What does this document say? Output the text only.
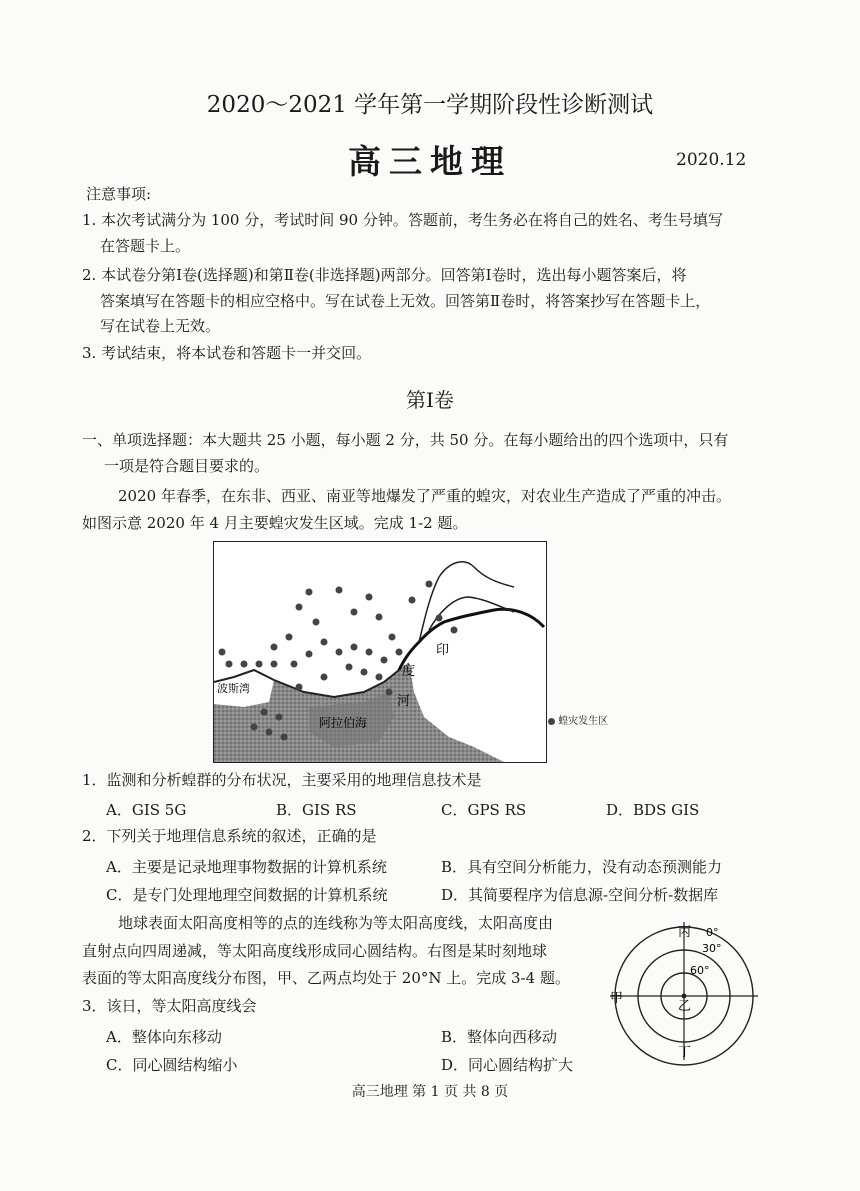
2020～2021 学年第一学期阶段性诊断测试
高三地理	2020.12
注意事项:
1. 本次考试满分为 100 分，考试时间 90 分钟。答题前，考生务必在将自己的姓名、考生号填写
在答题卡上。
2. 本试卷分第Ⅰ卷(选择题)和第Ⅱ卷(非选择题)两部分。回答第Ⅰ卷时，选出每小题答案后，将
答案填写在答题卡的相应空格中。写在试卷上无效。回答第Ⅱ卷时，将答案抄写在答题卡上，
写在试卷上无效。
3. 考试结束，将本试卷和答题卡一并交回。
第Ⅰ卷
一、单项选择题：本大题共 25 小题，每小题 2 分，共 50 分。在每小题给出的四个选项中，只有
一项是符合题目要求的。
2020 年春季，在东非、西亚、南亚等地爆发了严重的蝗灾，对农业生产造成了严重的冲击。
如图示意 2020 年 4 月主要蝗灾发生区域。完成 1-2 题。
印
度
河
波斯湾
阿拉伯海	蝗灾发生区
1．监测和分析蝗群的分布状况，主要采用的地理信息技术是
A．GIS 5G	B．GIS RS	C．GPS RS	D．BDS GIS
2．下列关于地理信息系统的叙述，正确的是
A．主要是记录地理事物数据的计算机系统	B．具有空间分析能力，没有动态预测能力
C．是专门处理地理空间数据的计算机系统	D．其简要程序为信息源-空间分析-数据库
地球表面太阳高度相等的点的连线称为等太阳高度线，太阳高度由
直射点向四周递减，等太阳高度线形成同心圆结构。右图是某时刻地球
表面的等太阳高度线分布图，甲、乙两点均处于 20°N 上。完成 3-4 题。
3．该日，等太阳高度线会
A．整体向东移动	B．整体向西移动
C．同心圆结构缩小	D．同心圆结构扩大
丙
甲
乙
丁
0°
30°
60°
高三地理 第 1 页 共 8 页
